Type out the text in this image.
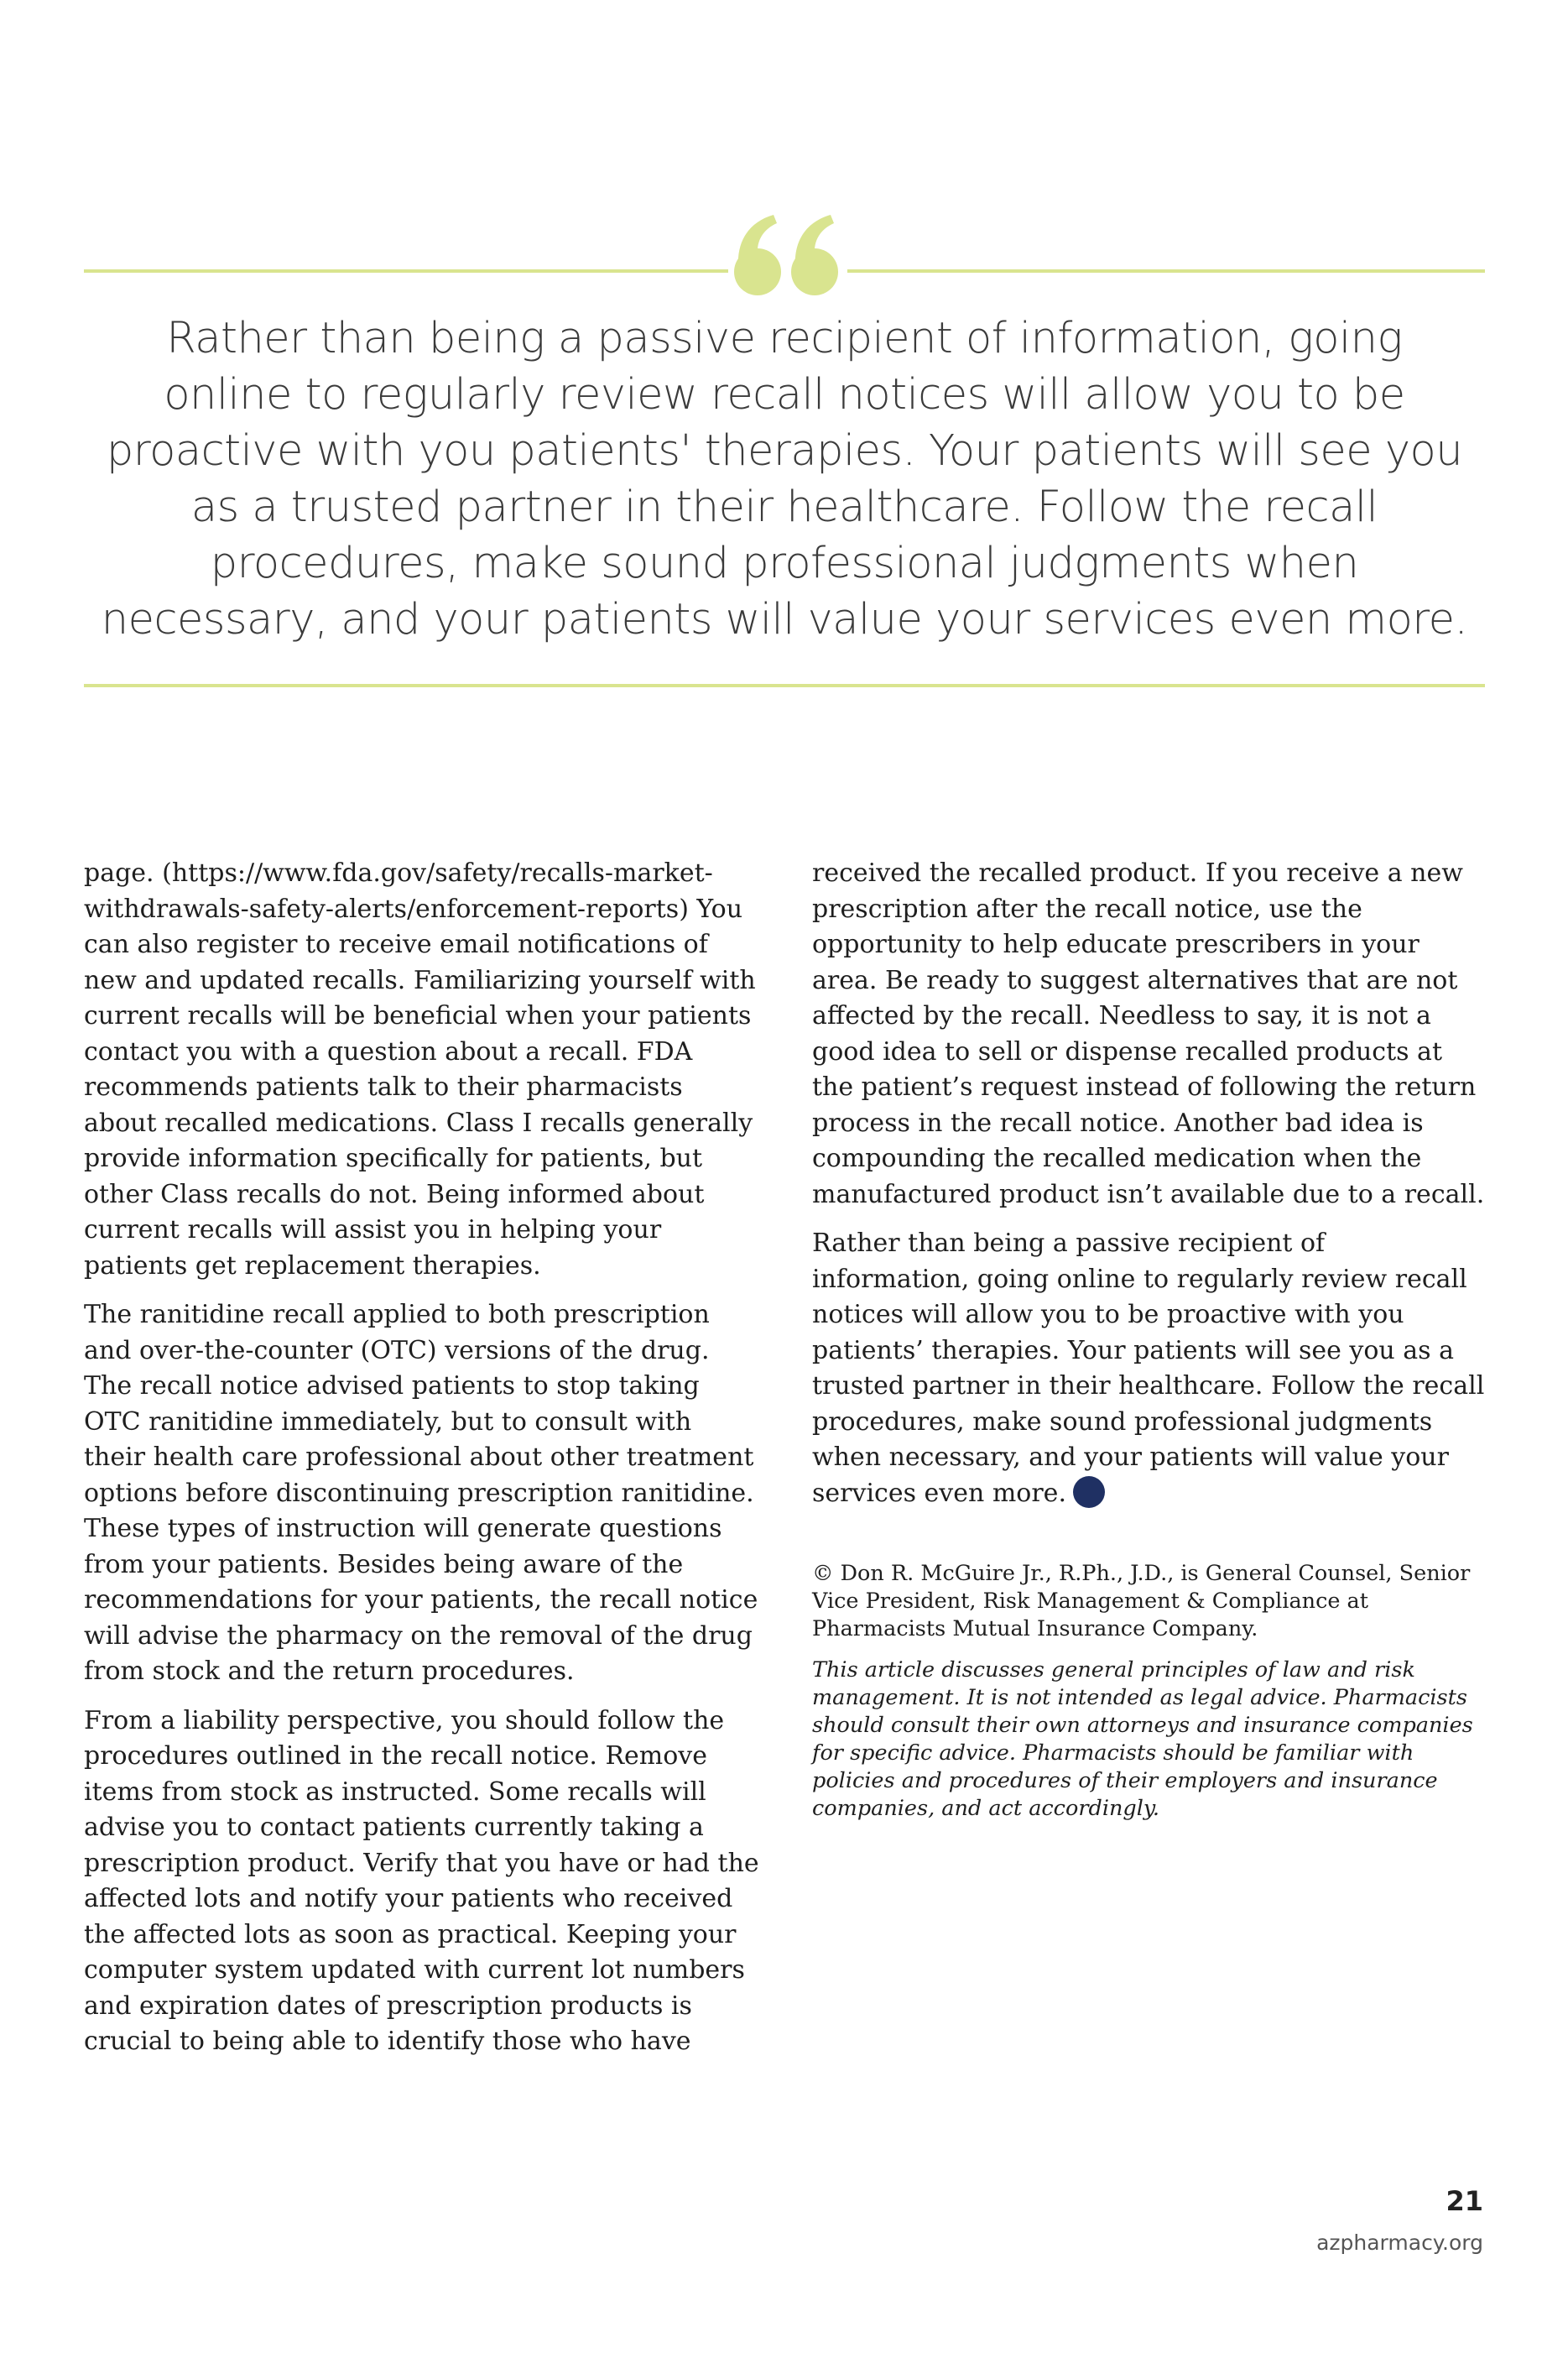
Rather than being a passive recipient of information, going online to regularly review recall notices will allow you to be proactive with you patients' therapies. Your patients will see you as a trusted partner in their healthcare. Follow the recall procedures, make sound professional judgments when necessary, and your patients will value your services even more.

page. (https://www.fda.gov/safety/recalls-market-withdrawals-safety-alerts/enforcement-reports) You can also register to receive email notifications of new and updated recalls. Familiarizing yourself with current recalls will be beneficial when your patients contact you with a question about a recall. FDA recommends patients talk to their pharmacists about recalled medications. Class I recalls generally provide information specifically for patients, but other Class recalls do not. Being informed about current recalls will assist you in helping your patients get replacement therapies.

The ranitidine recall applied to both prescription and over-the-counter (OTC) versions of the drug. The recall notice advised patients to stop taking OTC ranitidine immediately, but to consult with their health care professional about other treatment options before discontinuing prescription ranitidine. These types of instruction will generate questions from your patients. Besides being aware of the recommendations for your patients, the recall notice will advise the pharmacy on the removal of the drug from stock and the return procedures.

From a liability perspective, you should follow the procedures outlined in the recall notice. Remove items from stock as instructed. Some recalls will advise you to contact patients currently taking a prescription product. Verify that you have or had the affected lots and notify your patients who received the affected lots as soon as practical. Keeping your computer system updated with current lot numbers and expiration dates of prescription products is crucial to being able to identify those who have

received the recalled product. If you receive a new prescription after the recall notice, use the opportunity to help educate prescribers in your area. Be ready to suggest alternatives that are not affected by the recall. Needless to say, it is not a good idea to sell or dispense recalled products at the patient’s request instead of following the return process in the recall notice. Another bad idea is compounding the recalled medication when the manufactured product isn’t available due to a recall.

Rather than being a passive recipient of information, going online to regularly review recall notices will allow you to be proactive with you patients’ therapies. Your patients will see you as a trusted partner in their healthcare. Follow the recall procedures, make sound professional judgments when necessary, and your patients will value your services even more.

© Don R. McGuire Jr., R.Ph., J.D., is General Counsel, Senior Vice President, Risk Management & Compliance at Pharmacists Mutual Insurance Company.

This article discusses general principles of law and risk management. It is not intended as legal advice. Pharmacists should consult their own attorneys and insurance companies for specific advice. Pharmacists should be familiar with policies and procedures of their employers and insurance companies, and act accordingly.

21
azpharmacy.org
